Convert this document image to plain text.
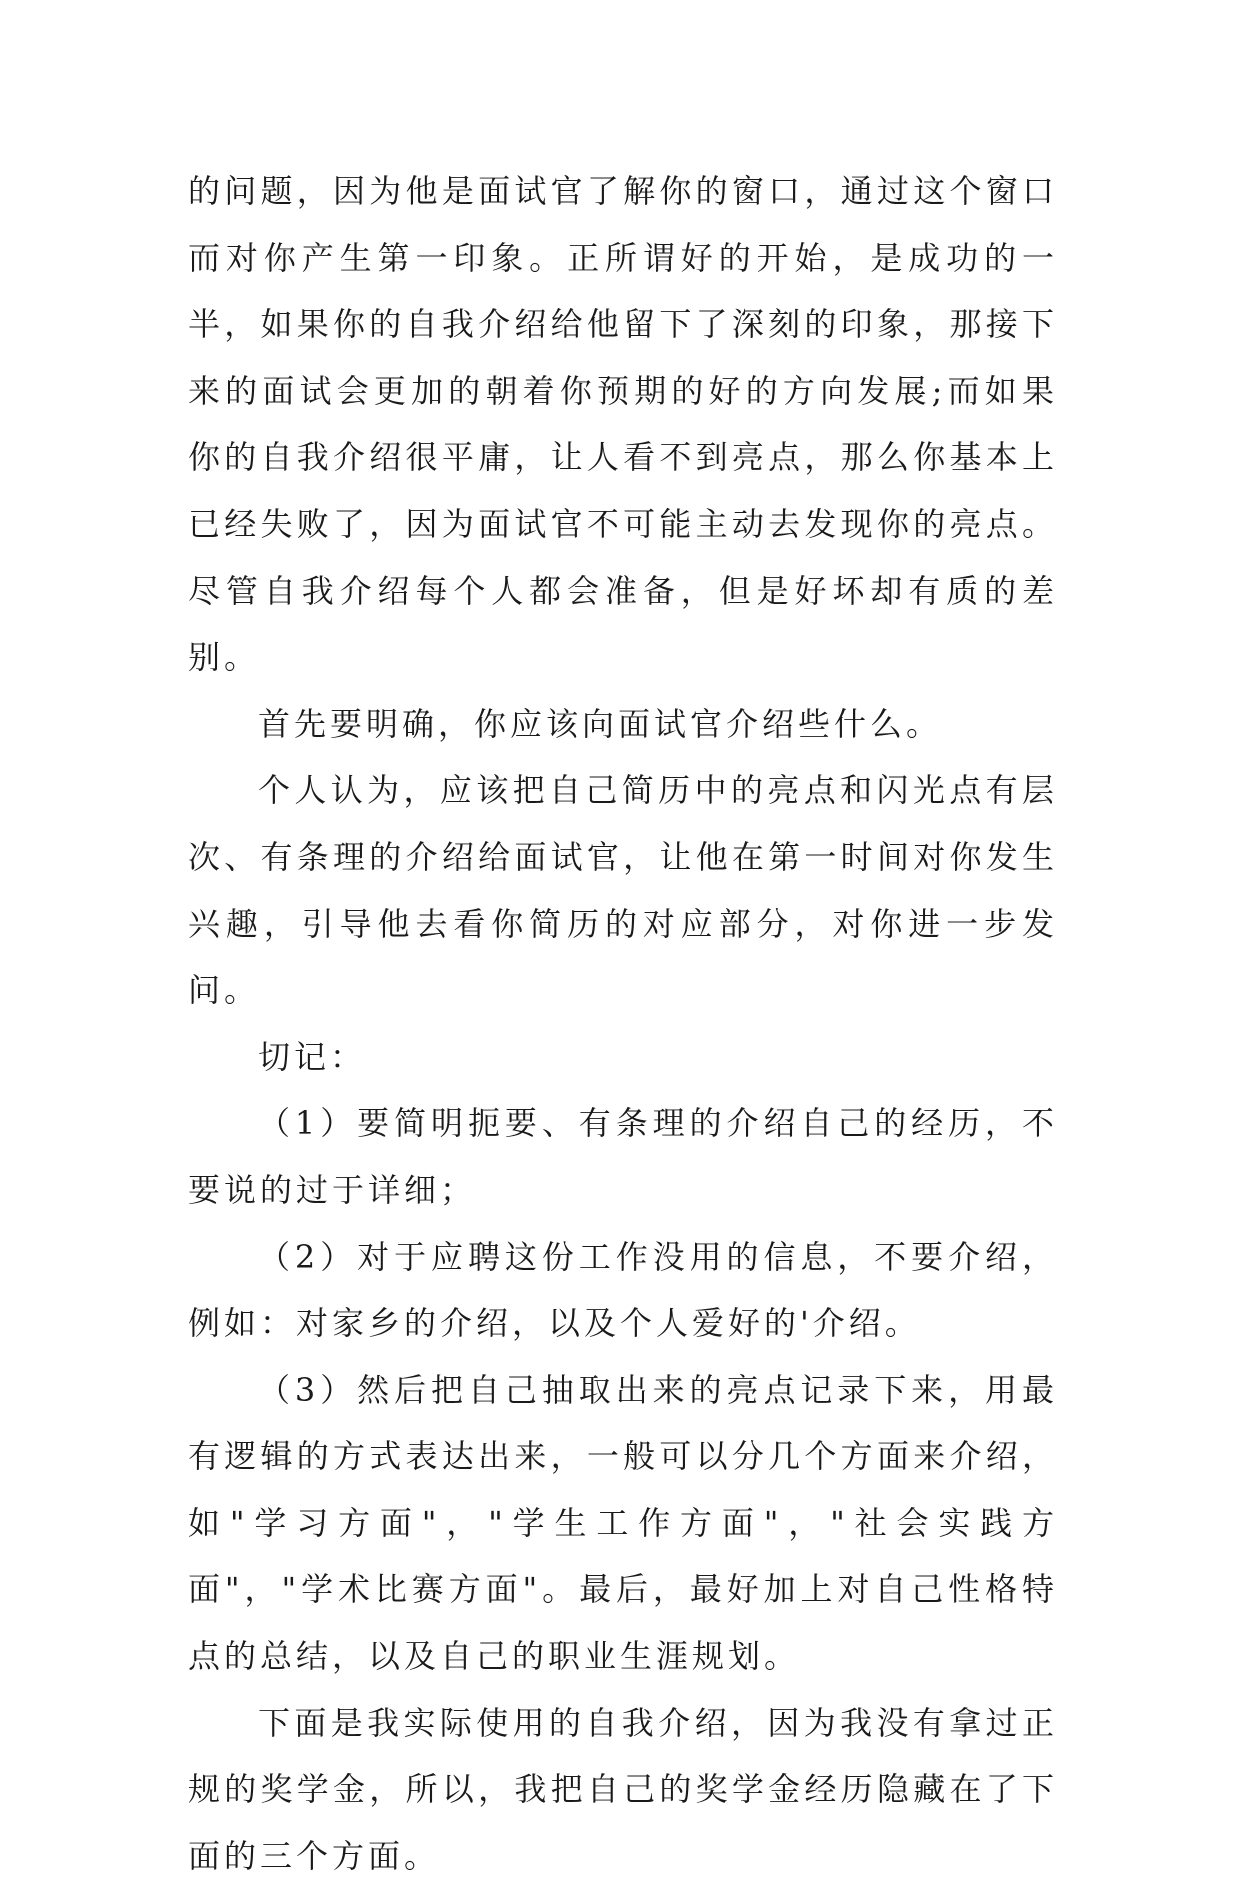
的问题，因为他是面试官了解你的窗口，通过这个窗口而对你产生第一印象。正所谓好的开始，是成功的一半，如果你的自我介绍给他留下了深刻的印象，那接下来的面试会更加的朝着你预期的好的方向发展;而如果你的自我介绍很平庸，让人看不到亮点，那么你基本上已经失败了，因为面试官不可能主动去发现你的亮点。尽管自我介绍每个人都会准备，但是好坏却有质的差别。

首先要明确，你应该向面试官介绍些什么。

个人认为，应该把自己简历中的亮点和闪光点有层次、有条理的介绍给面试官，让他在第一时间对你发生兴趣，引导他去看你简历的对应部分，对你进一步发问。

切记：

（1）要简明扼要、有条理的介绍自己的经历，不要说的过于详细；

（2）对于应聘这份工作没用的信息，不要介绍，例如：对家乡的介绍，以及个人爱好的'介绍。

（3）然后把自己抽取出来的亮点记录下来，用最有逻辑的方式表达出来，一般可以分几个方面来介绍，如"学习方面"，"学生工作方面"，"社会实践方面"，"学术比赛方面"。最后，最好加上对自己性格特点的总结，以及自己的职业生涯规划。

下面是我实际使用的自我介绍，因为我没有拿过正规的奖学金，所以，我把自己的奖学金经历隐藏在了下面的三个方面。
